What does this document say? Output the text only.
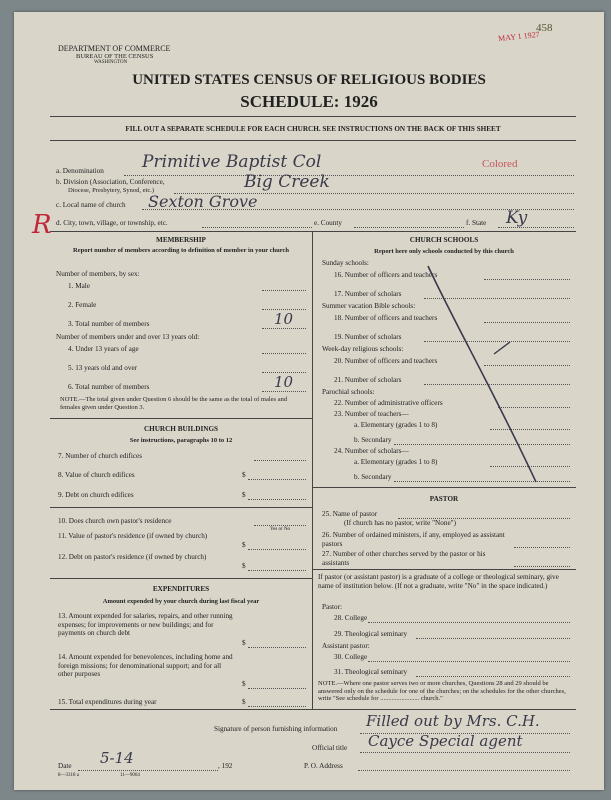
DEPARTMENT OF COMMERCE
BUREAU OF THE CENSUS
WASHINGTON
UNITED STATES CENSUS OF RELIGIOUS BODIES
SCHEDULE: 1926
MAY 1 1927
458
FILL OUT A SEPARATE SCHEDULE FOR EACH CHURCH. SEE INSTRUCTIONS ON THE BACK OF THIS SHEET
a. Denomination Primitive Baptist Col	Colored
b. Division (Association, Conference,
Diocese, Presbytery, Synod, etc.)	Big Creek
c. Local name of church Sexton Grove
R d. City, town, village, or township, etc.	e. County	f. State Ky
MEMBERSHIP
Report number of members according to definition of member in your church
Number of members, by sex:
1. Male
2. Female
3. Total number of members	10
Number of members under and over 13 years old:
4. Under 13 years of age
5. 13 years old and over
6. Total number of members	10
NOTE.—The total given under Question 6 should be the same as the total of males and females given under Question 3.
CHURCH BUILDINGS
See instructions, paragraphs 10 to 12
7. Number of church edifices
8. Value of church edifices	$
9. Debt on church edifices	$
10. Does church own pastor's residence
Yes or No
11. Value of pastor's residence (if owned by church)
$
12. Debt on pastor's residence (if owned by church)
$
EXPENDITURES
Amount expended by your church during last fiscal year
13. Amount expended for salaries, repairs, and other running expenses; for improvements or new buildings; and for payments on church debt
$
14. Amount expended for benevolences, including home and foreign missions; for denominational support; and for all other purposes
$
15. Total expenditures during year	$
CHURCH SCHOOLS
Report here only schools conducted by this church
Sunday schools:
16. Number of officers and teachers
17. Number of scholars
Summer vacation Bible schools:
18. Number of officers and teachers
19. Number of scholars
Week-day religious schools:
20. Number of officers and teachers
21. Number of scholars
Parochial schools:
22. Number of administrative officers
23. Number of teachers—
a. Elementary (grades 1 to 8)
b. Secondary
24. Number of scholars—
a. Elementary (grades 1 to 8)
b. Secondary
PASTOR
25. Name of pastor
(If church has no pastor, write "None")
26. Number of ordained ministers, if any, employed as assistant pastors
27. Number of other churches served by the pastor or his assistants
If pastor (or assistant pastor) is a graduate of a college or theological seminary, give name of institution below. (If not a graduate, write "No" in the space indicated.)
Pastor:
28. College
29. Theological seminary
Assistant pastor:
30. College
31. Theological seminary
NOTE.—Where one pastor serves two or more churches, Questions 28 and 29 should be answered only on the schedule for one of the churches; on the schedules for the other churches, write "See schedule for ........................ church."
Signature of person furnishing information Filled out by Mrs. C.H.
Official title Cayce Special agent
Date 5-14	, 192	P. O. Address
8—3318 a	11—9064
